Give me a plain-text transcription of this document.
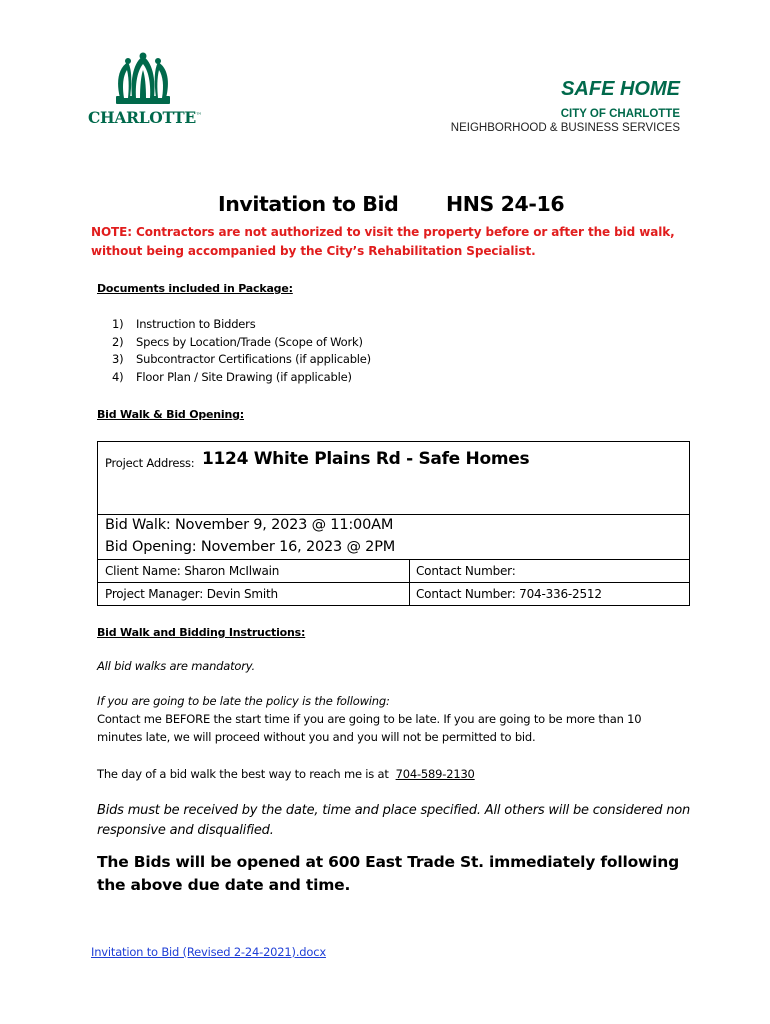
CHARLOTTE™
SAFE HOME
CITY OF CHARLOTTE
NEIGHBORHOOD & BUSINESS SERVICES
Invitation to Bid HNS 24-16
NOTE: Contractors are not authorized to visit the property before or after the bid walk, without being accompanied by the City’s Rehabilitation Specialist.
Documents included in Package:
1) Instruction to Bidders
2) Specs by Location/Trade (Scope of Work)
3) Subcontractor Certifications (if applicable)
4) Floor Plan / Site Drawing (if applicable)
Bid Walk & Bid Opening:
Project Address: 1124 White Plains Rd - Safe Homes
Bid Walk: November 9, 2023 @ 11:00AM
Bid Opening: November 16, 2023 @ 2PM
Client Name: Sharon McIlwain	Contact Number:
Project Manager: Devin Smith	Contact Number: 704-336-2512
Bid Walk and Bidding Instructions:
All bid walks are mandatory.
If you are going to be late the policy is the following:
Contact me BEFORE the start time if you are going to be late. If you are going to be more than 10 minutes late, we will proceed without you and you will not be permitted to bid.
The day of a bid walk the best way to reach me is at 704-589-2130
Bids must be received by the date, time and place specified. All others will be considered non responsive and disqualified.
The Bids will be opened at 600 East Trade St. immediately following the above due date and time.
Invitation to Bid (Revised 2-24-2021).docx
